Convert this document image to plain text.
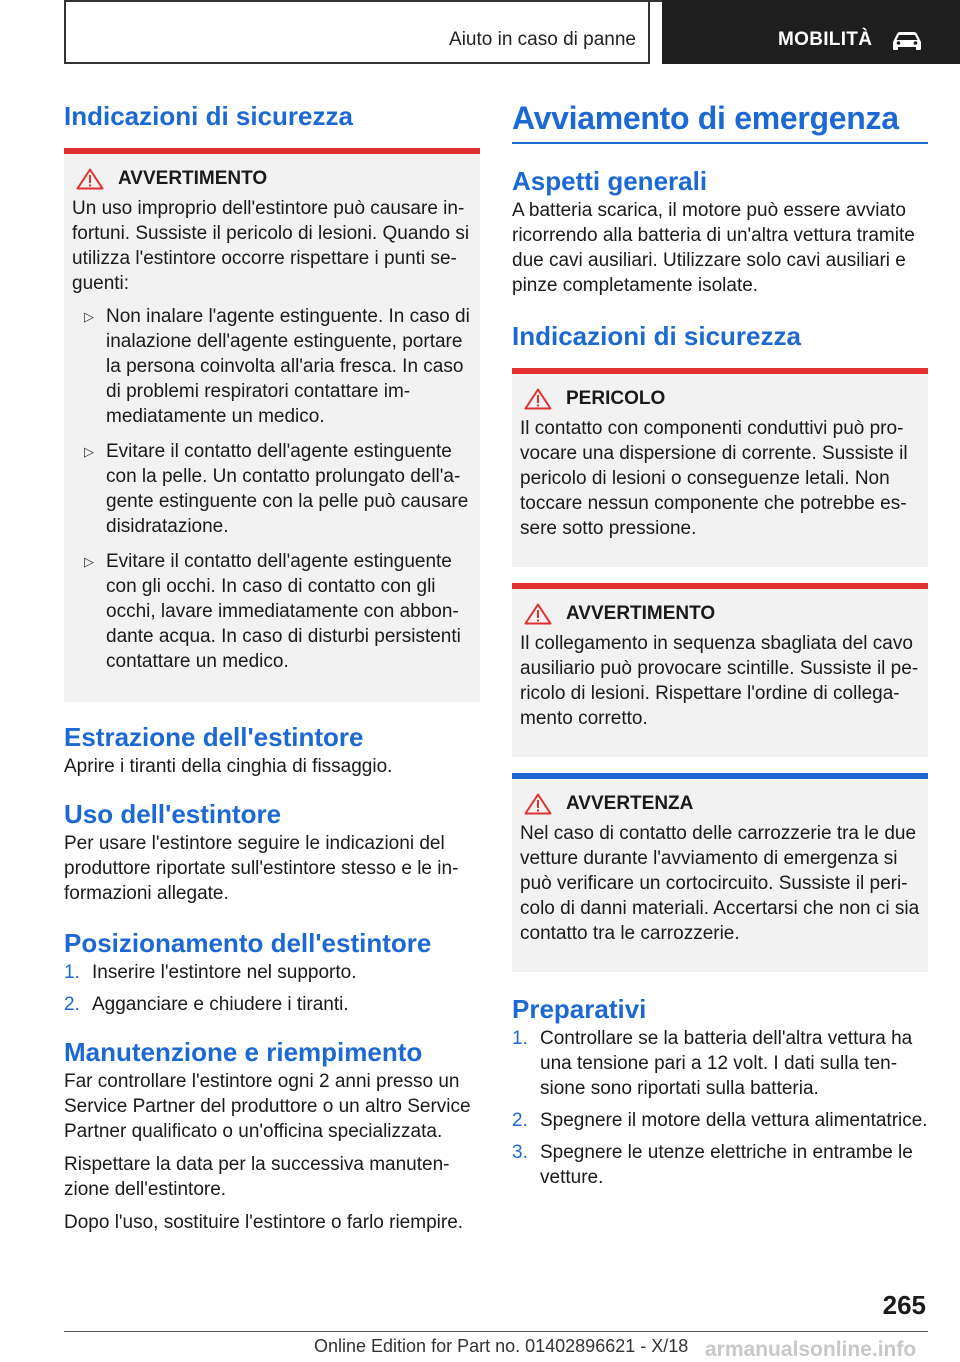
Aiuto in caso di panne	MOBILITÀ
Indicazioni di sicurezza
AVVERTIMENTO

Un uso improprio dell'estintore può causare infortuni. Sussiste il pericolo di lesioni. Quando si utilizza l'estintore occorre rispettare i punti seguenti:

▷ Non inalare l'agente estinguente. In caso di inalazione dell'agente estinguente, portare la persona coinvolta all'aria fresca. In caso di problemi respiratori contattare immediatamente un medico.
▷ Evitare il contatto dell'agente estinguente con la pelle. Un contatto prolungato dell'agente estinguente con la pelle può causare disidratazione.
▷ Evitare il contatto dell'agente estinguente con gli occhi. In caso di contatto con gli occhi, lavare immediatamente con abbondante acqua. In caso di disturbi persistenti contattare un medico.
Estrazione dell'estintore

Aprire i tiranti della cinghia di fissaggio.

Uso dell'estintore

Per usare l'estintore seguire le indicazioni del produttore riportate sull'estintore stesso e le informazioni allegate.

Posizionamento dell'estintore
1. Inserire l'estintore nel supporto.
2. Agganciare e chiudere i tiranti.
Manutenzione e riempimento

Far controllare l'estintore ogni 2 anni presso un Service Partner del produttore o un altro Service Partner qualificato o un'officina specializzata.

Rispettare la data per la successiva manutenzione dell'estintore.

Dopo l'uso, sostituire l'estintore o farlo riempire.

Avviamento di emergenza
Aspetti generali

A batteria scarica, il motore può essere avviato ricorrendo alla batteria di un'altra vettura tramite due cavi ausiliari. Utilizzare solo cavi ausiliari e pinze completamente isolate.

Indicazioni di sicurezza
PERICOLO

Il contatto con componenti conduttivi può provocare una dispersione di corrente. Sussiste il pericolo di lesioni o conseguenze letali. Non toccare nessun componente che potrebbe essere sotto pressione.

AVVERTIMENTO

Il collegamento in sequenza sbagliata del cavo ausiliario può provocare scintille. Sussiste il pericolo di lesioni. Rispettare l'ordine di collegamento corretto.

AVVERTENZA

Nel caso di contatto delle carrozzerie tra le due vetture durante l'avviamento di emergenza si può verificare un cortocircuito. Sussiste il pericolo di danni materiali. Accertarsi che non ci sia contatto tra le carrozzerie.

Preparativi
1. Controllare se la batteria dell'altra vettura ha una tensione pari a 12 volt. I dati sulla tensione sono riportati sulla batteria.
2. Spegnere il motore della vettura alimentatrice.
3. Spegnere le utenze elettriche in entrambe le vetture.
265
Online Edition for Part no. 01402896621 - X/18 armanualsonline.info
